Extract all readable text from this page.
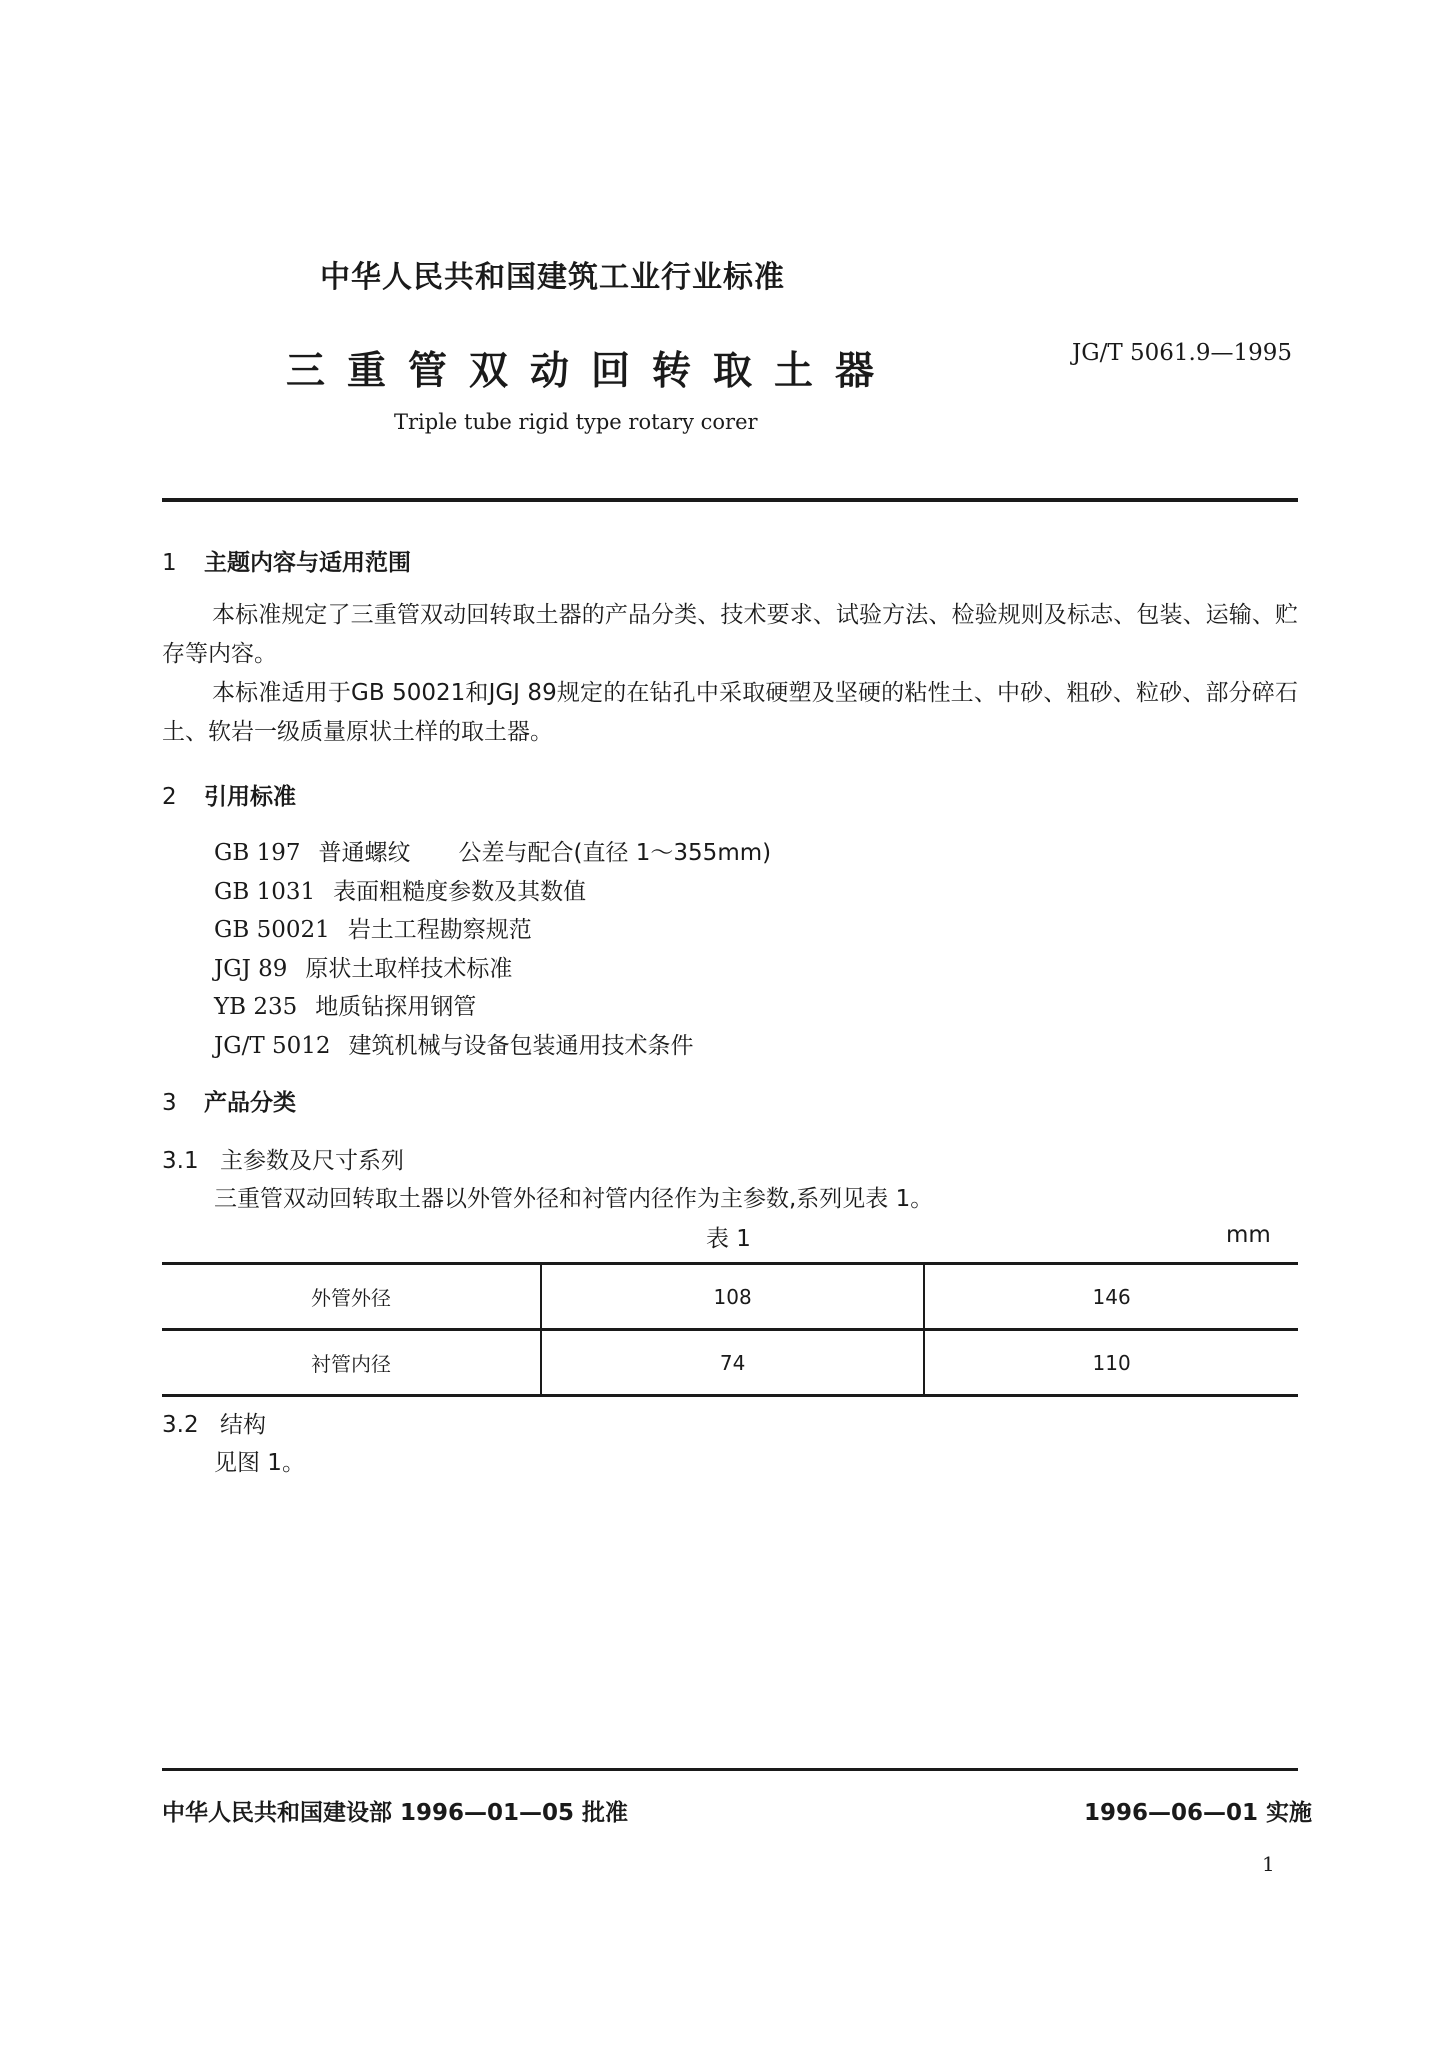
中华人民共和国建筑工业行业标准
三重管双动回转取土器	JG/T 5061.9—1995
Triple tube rigid type rotary corer
1 主题内容与适用范围
本标准规定了三重管双动回转取土器的产品分类、技术要求、试验方法、检验规则及标志、包装、运输、贮存等内容。
本标准适用于GB 50021和JGJ 89规定的在钻孔中采取硬塑及坚硬的粘性土、中砂、粗砂、粒砂、部分碎石土、软岩一级质量原状土样的取土器。
2 引用标准
GB 197 普通螺纹 公差与配合(直径 1～355mm)
GB 1031 表面粗糙度参数及其数值
GB 50021 岩土工程勘察规范
JGJ 89 原状土取样技术标准
YB 235 地质钻探用钢管
JG/T 5012 建筑机械与设备包装通用技术条件
3 产品分类
3.1 主参数及尺寸系列
三重管双动回转取土器以外管外径和衬管内径作为主参数,系列见表 1。
表 1	mm
外管外径	108	146
衬管内径	74	110
3.2 结构
见图 1。
中华人民共和国建设部 1996—01—05 批准	1996—06—01 实施
1
